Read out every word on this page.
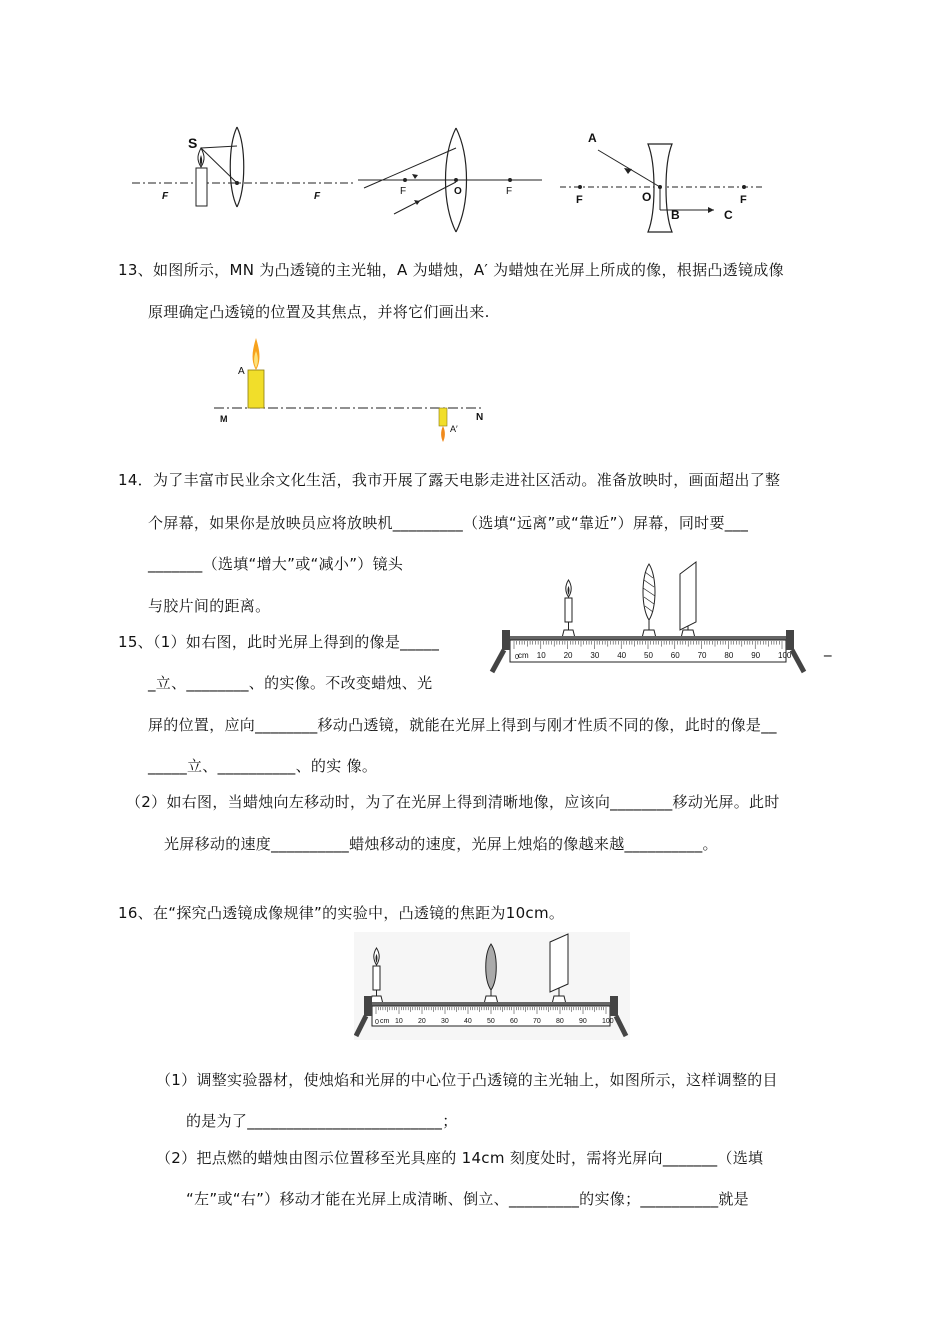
S
F	F	F	O	F
A
F	O
B	C
F
13、如图所示，MN 为凸透镜的主光轴，A 为蜡烛，A′ 为蜡烛在光屏上所成的像，根据凸透镜成像
原理确定凸透镜的位置及其焦点，并将它们画出来.
A
M	N
A′
14．为了丰富市民业余文化生活，我市开展了露天电影走进社区活动。准备放映时，画面超出了整
个屏幕，如果你是放映员应将放映机_________（选填“远离”或“靠近”）屏幕，同时要___
_______（选填“增大”或“减小”）镜头
与胶片间的距离。
15、（1）如右图，此时光屏上得到的像是_____
_立、________、的实像。不改变蜡烛、光
屏的位置，应向________移动凸透镜，就能在光屏上得到与刚才性质不同的像，此时的像是__
_____立、__________、的实 像。
（2）如右图，当蜡烛向左移动时，为了在光屏上得到清晰地像，应该向________移动光屏。此时
光屏移动的速度__________蜡烛移动的速度，光屏上烛焰的像越来越__________。
_
0 cm 10 20 30 40 50 60 70 80 90 100
16、在“探究凸透镜成像规律”的实验中，凸透镜的焦距为10cm。
0 cm 10 20 30 40 50 60 70 80 90 100
（1）调整实验器材，使烛焰和光屏的中心位于凸透镜的主光轴上，如图所示，这样调整的目
的是为了_________________________；
（2）把点燃的蜡烛由图示位置移至光具座的 14cm 刻度处时，需将光屏向_______（选填
“左”或“右”）移动才能在光屏上成清晰、倒立、_________的实像；__________就是
